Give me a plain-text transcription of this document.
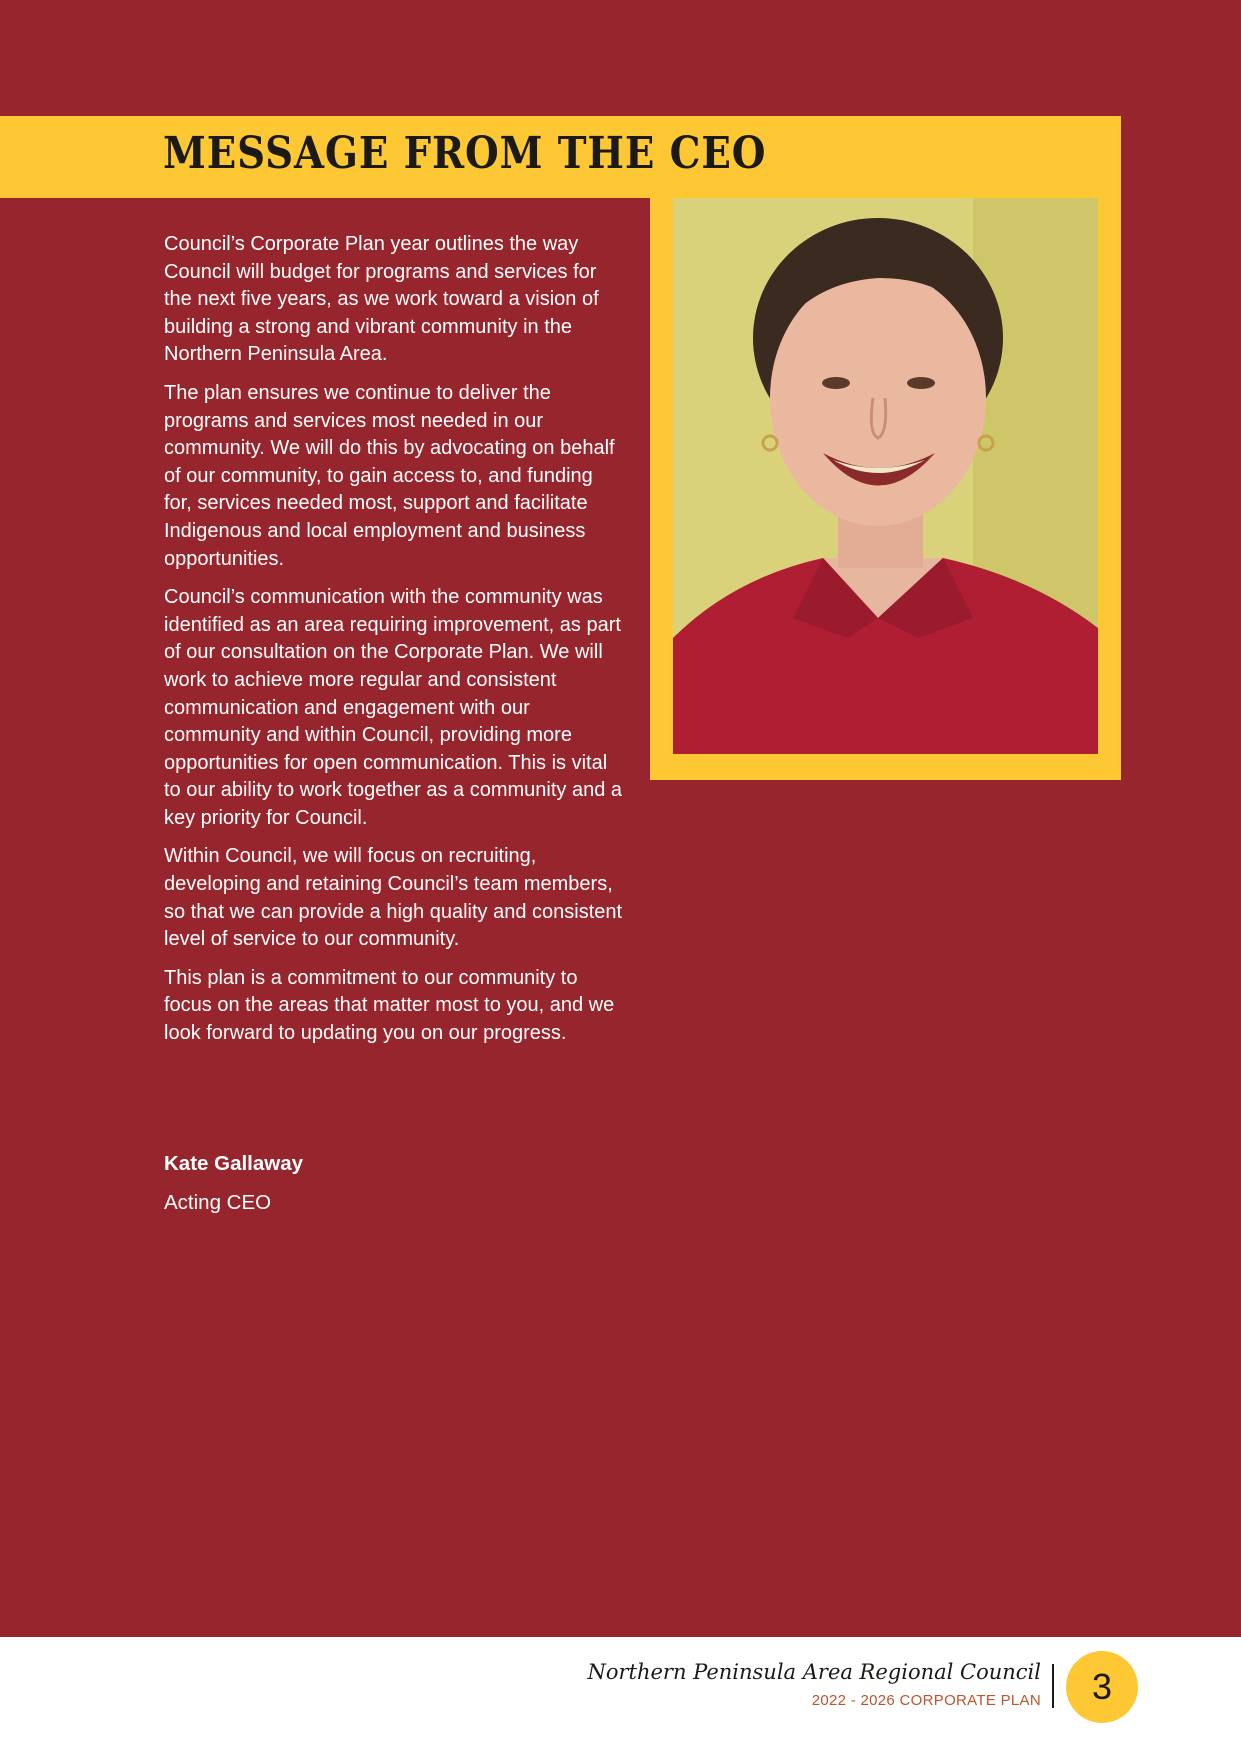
MESSAGE FROM THE CEO

Council’s Corporate Plan year outlines the way Council will budget for programs and services for the next five years, as we work toward a vision of building a strong and vibrant community in the Northern Peninsula Area.

The plan ensures we continue to deliver the programs and services most needed in our community. We will do this by advocating on behalf of our community, to gain access to, and funding for, services needed most, support and facilitate Indigenous and local employment and business opportunities.

Council’s communication with the community was identified as an area requiring improvement, as part of our consultation on the Corporate Plan. We will work to achieve more regular and consistent communication and engagement with our community and within Council, providing more opportunities for open communication. This is vital to our ability to work together as a community and a key priority for Council.

Within Council, we will focus on recruiting, developing and retaining Council’s team members, so that we can provide a high quality and consistent level of service to our community.

This plan is a commitment to our community to focus on the areas that matter most to you, and we look forward to updating you on our progress.

Kate Gallaway
Acting CEO
Northern Peninsula Area Regional Council
2022 - 2026 CORPORATE PLAN	3
